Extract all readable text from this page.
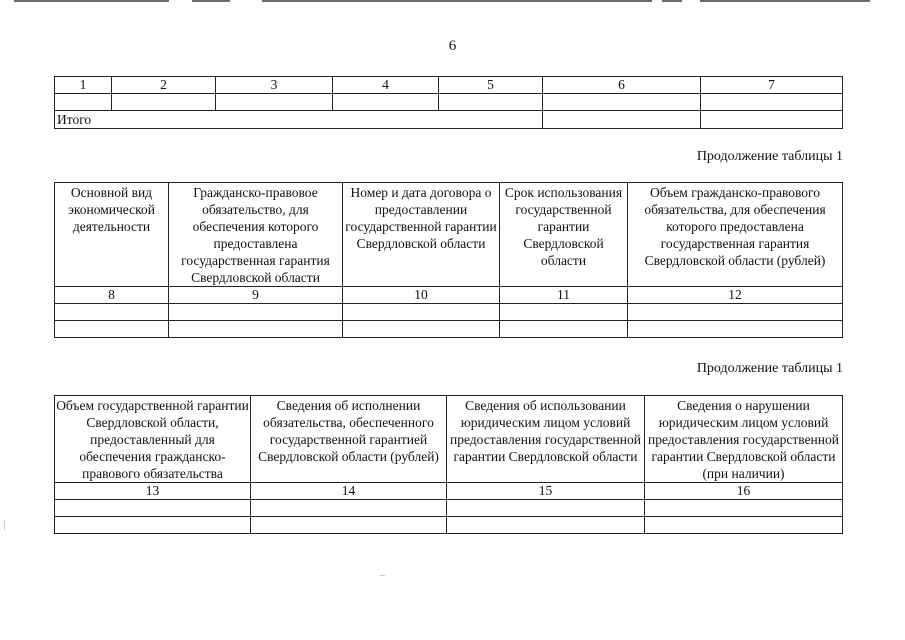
6
1	2	3	4	5	6	7

Итого						
Продолжение таблицы 1
Основной вид экономической деятельности	Гражданско-правовое обязательство, для обеспечения которого предоставлена государственная гарантия Свердловской области	Номер и дата договора о предоставлении государственной гарантии Свердловской области	Срок использования государственной гарантии Свердловской области	Объем гражданско-правового обязательства, для обеспечения которого предоставлена государственная гарантия Свердловской области (рублей)
8	9	10	11	12

Продолжение таблицы 1
Объем государственной гарантии Свердловской области, предоставленный для обеспечения гражданско-правового обязательства	Сведения об исполнении обязательства, обеспеченного государственной гарантией Свердловской области (рублей)	Сведения об использовании юридическим лицом условий предоставления государственной гарантии Свердловской области	Сведения о нарушении юридическим лицом условий предоставления государственной гарантии Свердловской области (при наличии)
13	14	15	16
